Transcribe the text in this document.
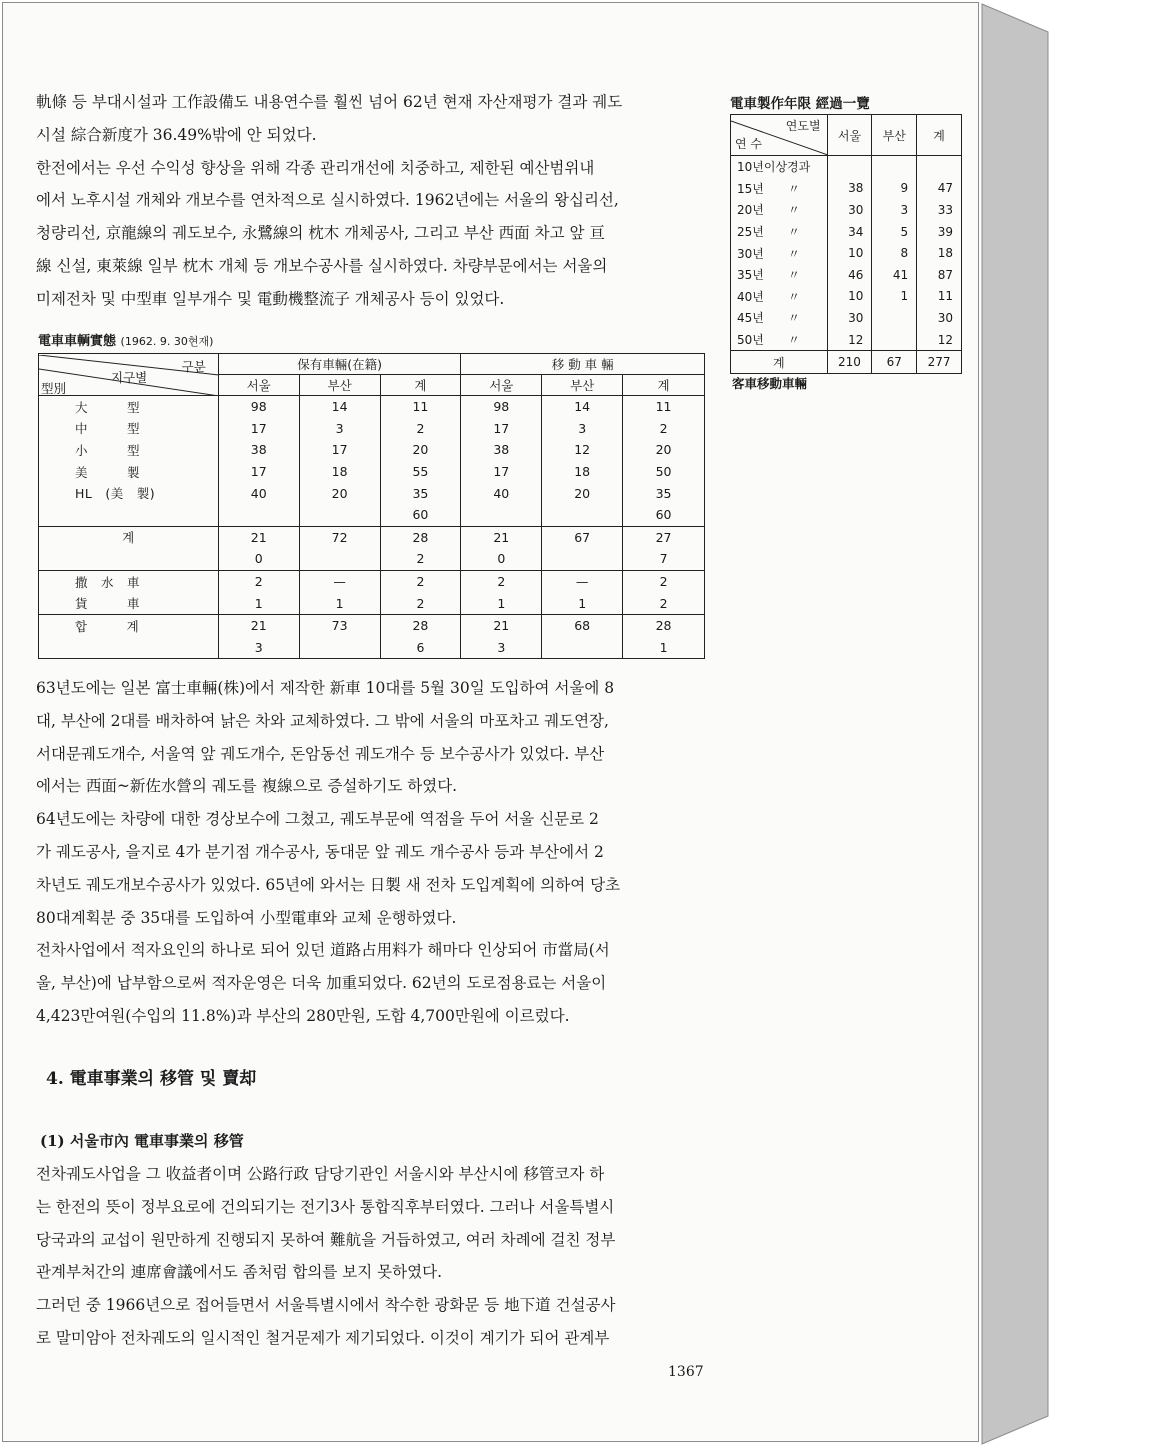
軌條 등 부대시설과 工作設備도 내용연수를 훨씬 넘어 62년 현재 자산재평가 결과 궤도
시설 綜合新度가 36.49%밖에 안 되었다.
한전에서는 우선 수익성 향상을 위해 각종 관리개선에 치중하고, 제한된 예산범위내
에서 노후시설 개체와 개보수를 연차적으로 실시하였다. 1962년에는 서울의 왕십리선,
청량리선, 京龍線의 궤도보수, 永鷺線의 枕木 개체공사, 그리고 부산 西面 차고 앞 亘
線 신설, 東萊線 일부 枕木 개체 등 개보수공사를 실시하였다. 차량부문에서는 서울의
미제전차 및 中型車 일부개수 및 電動機整流子 개체공사 등이 있었다.
電車車輌實態 (1962. 9. 30현재)
구분
지구별
型別	保有車輛(在籍)			移 動 車 輛		
	서울	부산	계	서울	부산	계
大　　　型	98	14	11	98	14	11
中　　　型	17	3	2	17	3	2
小　　　型	38	17	20	38	12	20
美　　　製	17	18	55	17	18	50
HL　(美　製)	40	20	35	40	20	35
			60			60
계	21	72	28	21	67	27
	0		2	0		7
撒　水　車	2	—	2	2	—	2
貨　　　車	1	1	2	1	1	2
합　　　계	21	73	28	21	68	28
	3		6	3		1
電車製作年限 經過一覽
연도별
연 수	서울	부산	계
10년이상경과			
15년　　〃	38	9	47
20년　　〃	30	3	33
25년　　〃	34	5	39
30년　　〃	10	8	18
35년　　〃	46	41	87
40년　　〃	10	1	11
45년　　〃	30		30
50년　　〃	12		12
계	210	67	277
客車移動車輛
63년도에는 일본 富士車輛(株)에서 제작한 新車 10대를 5월 30일 도입하여 서울에 8
대, 부산에 2대를 배차하여 낡은 차와 교체하였다. 그 밖에 서울의 마포차고 궤도연장,
서대문궤도개수, 서울역 앞 궤도개수, 돈암동선 궤도개수 등 보수공사가 있었다. 부산
에서는 西面~新佐水營의 궤도를 複線으로 증설하기도 하였다.
64년도에는 차량에 대한 경상보수에 그쳤고, 궤도부문에 역점을 두어 서울 신문로 2
가 궤도공사, 을지로 4가 분기점 개수공사, 동대문 앞 궤도 개수공사 등과 부산에서 2
차년도 궤도개보수공사가 있었다. 65년에 와서는 日製 새 전차 도입계획에 의하여 당초
80대계획분 중 35대를 도입하여 小型電車와 교체 운행하였다.
전차사업에서 적자요인의 하나로 되어 있던 道路占用料가 해마다 인상되어 市當局(서
울, 부산)에 납부함으로써 적자운영은 더욱 加重되었다. 62년의 도로점용료는 서울이
4,423만여원(수입의 11.8%)과 부산의 280만원, 도합 4,700만원에 이르렀다.
4. 電車事業의 移管 및 賣却
(1) 서울市內 電車事業의 移管
전차궤도사업을 그 收益者이며 公路行政 담당기관인 서울시와 부산시에 移管코자 하
는 한전의 뜻이 정부요로에 건의되기는 전기3사 통합직후부터였다. 그러나 서울특별시
당국과의 교섭이 원만하게 진행되지 못하여 難航을 거듭하였고, 여러 차례에 걸친 정부
관계부처간의 連席會議에서도 좀처럼 합의를 보지 못하였다.
그러던 중 1966년으로 접어들면서 서울특별시에서 착수한 광화문 등 地下道 건설공사
로 말미암아 전차궤도의 일시적인 철거문제가 제기되었다. 이것이 계기가 되어 관계부
1367
